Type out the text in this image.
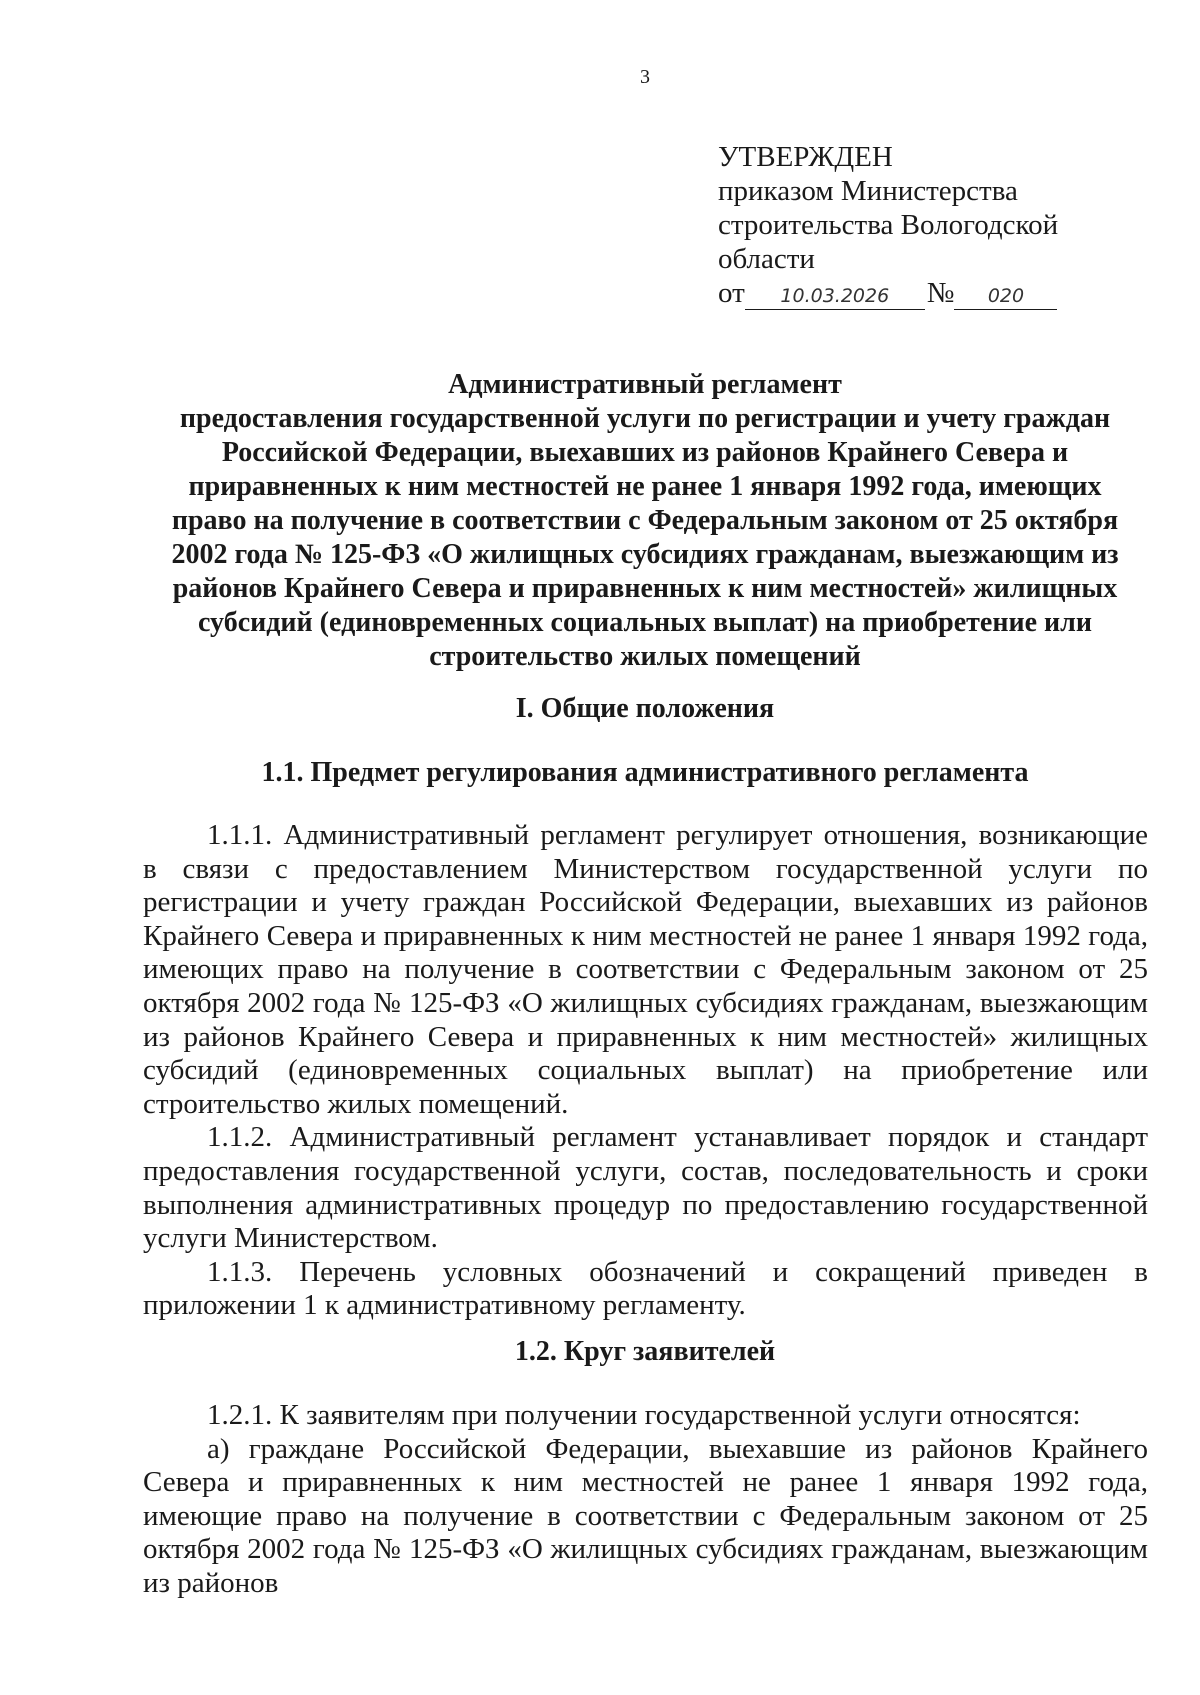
3
УТВЕРЖДЕН
приказом Министерства
строительства Вологодской
области
от	10.03.2026	№	020
Административный регламент
предоставления государственной услуги по регистрации и учету граждан
Российской Федерации, выехавших из районов Крайнего Севера и
приравненных к ним местностей не ранее 1 января 1992 года, имеющих
право на получение в соответствии с Федеральным законом от 25 октября
2002 года № 125-ФЗ «О жилищных субсидиях гражданам, выезжающим из
районов Крайнего Севера и приравненных к ним местностей» жилищных
субсидий (единовременных социальных выплат) на приобретение или
строительство жилых помещений
I. Общие положения
1.1. Предмет регулирования административного регламента

1.1.1. Административный регламент регулирует отношения, возникающие в связи с предоставлением Министерством государственной услуги по регистрации и учету граждан Российской Федерации, выехавших из районов Крайнего Севера и приравненных к ним местностей не ранее 1 января 1992 года, имеющих право на получение в соответствии с Федеральным законом от 25 октября 2002 года № 125-ФЗ «О жилищных субсидиях гражданам, выезжающим из районов Крайнего Севера и приравненных к ним местностей» жилищных субсидий (единовременных социальных выплат) на приобретение или строительство жилых помещений.

1.1.2. Административный регламент устанавливает порядок и стандарт предоставления государственной услуги, состав, последовательность и сроки выполнения административных процедур по предоставлению государственной услуги Министерством.

1.1.3. Перечень условных обозначений и сокращений приведен в приложении 1 к административному регламенту.

1.2. Круг заявителей

1.2.1. К заявителям при получении государственной услуги относятся:

а) граждане Российской Федерации, выехавшие из районов Крайнего Севера и приравненных к ним местностей не ранее 1 января 1992 года, имеющие право на получение в соответствии с Федеральным законом от 25 октября 2002 года № 125-ФЗ «О жилищных субсидиях гражданам, выезжающим из районов
